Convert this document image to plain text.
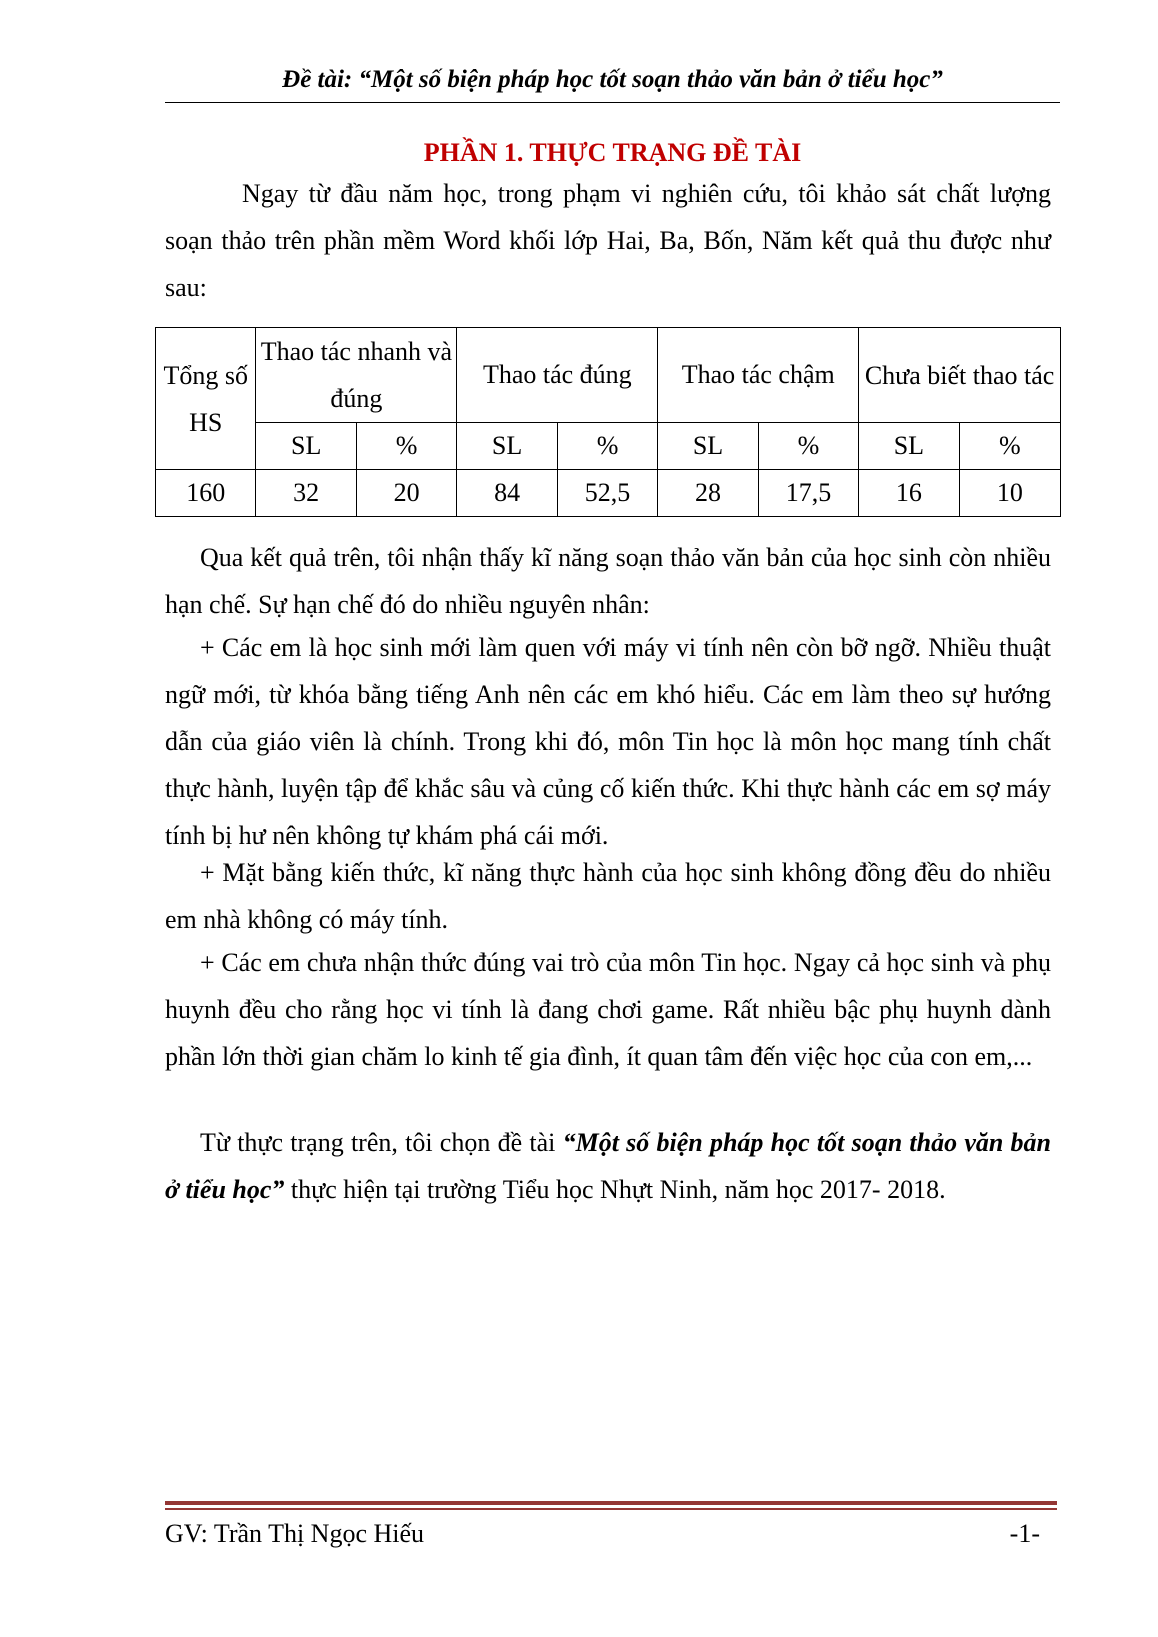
Đề tài: “Một số biện pháp học tốt soạn thảo văn bản ở tiểu học”
PHẦN 1. THỰC TRẠNG ĐỀ TÀI

Ngay từ đầu năm học, trong phạm vi nghiên cứu, tôi khảo sát chất lượng soạn thảo trên phần mềm Word khối lớp Hai, Ba, Bốn, Năm kết quả thu được như sau:

Tổng số HS	Thao tác nhanh và đúng		Thao tác đúng		Thao tác chậm		Chưa biết thao tác	
	SL	%	SL	%	SL	%	SL	%
160	32	20	84	52,5	28	17,5	16	10

Qua kết quả trên, tôi nhận thấy kĩ năng soạn thảo văn bản của học sinh còn nhiều hạn chế. Sự hạn chế đó do nhiều nguyên nhân:

+ Các em là học sinh mới làm quen với máy vi tính nên còn bỡ ngỡ. Nhiều thuật ngữ mới, từ khóa bằng tiếng Anh nên các em khó hiểu. Các em làm theo sự hướng dẫn của giáo viên là chính. Trong khi đó, môn Tin học là môn học mang tính chất thực hành, luyện tập để khắc sâu và củng cố kiến thức. Khi thực hành các em sợ máy tính bị hư nên không tự khám phá cái mới.

+ Mặt bằng kiến thức, kĩ năng thực hành của học sinh không đồng đều do nhiều em nhà không có máy tính.

+ Các em chưa nhận thức đúng vai trò của môn Tin học. Ngay cả học sinh và phụ huynh đều cho rằng học vi tính là đang chơi game. Rất nhiều bậc phụ huynh dành phần lớn thời gian chăm lo kinh tế gia đình, ít quan tâm đến việc học của con em,...

Từ thực trạng trên, tôi chọn đề tài “Một số biện pháp học tốt soạn thảo văn bản ở tiểu học” thực hiện tại trường Tiểu học Nhựt Ninh, năm học 2017- 2018.

GV: Trần Thị Ngọc Hiếu	-1-
